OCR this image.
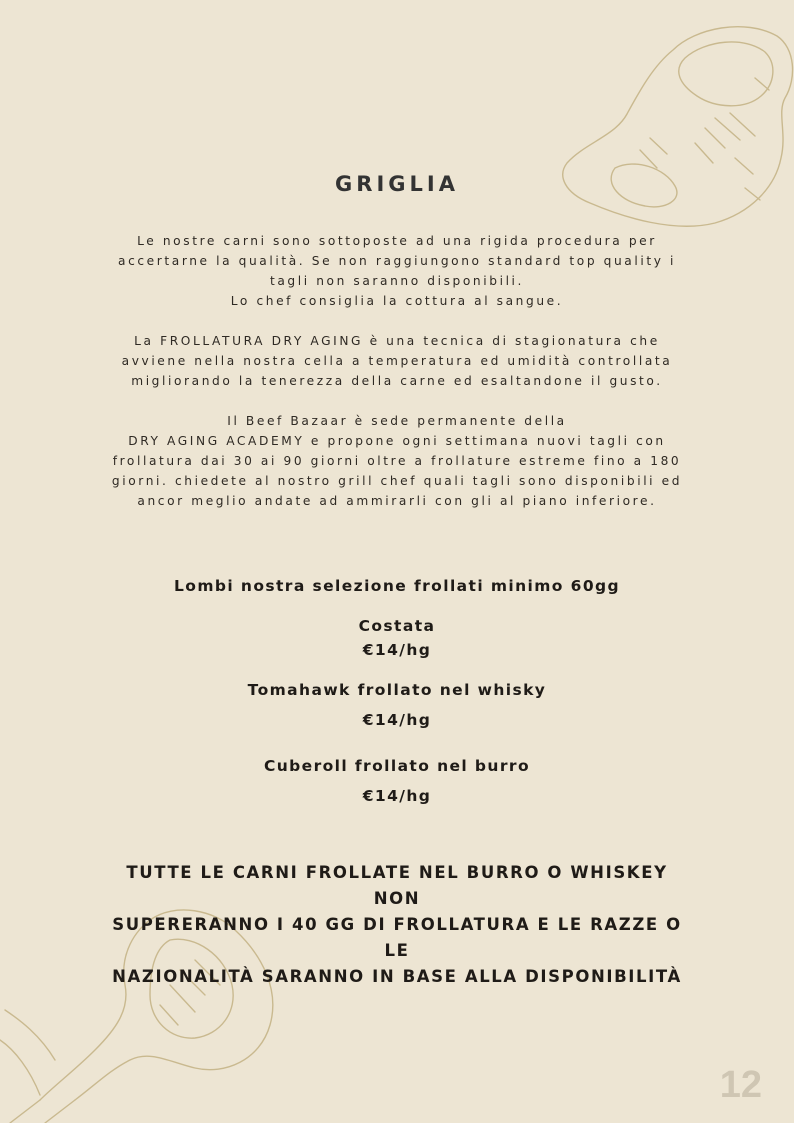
GRIGLIA

Le nostre carni sono sottoposte ad una rigida procedura per

accertarne la qualità. Se non raggiungono standard top quality i

tagli non saranno disponibili.

Lo chef consiglia la cottura al sangue.

La FROLLATURA DRY AGING è una tecnica di stagionatura che

avviene nella nostra cella a temperatura ed umidità controllata

migliorando la tenerezza della carne ed esaltandone il gusto.

Il Beef Bazaar è sede permanente della

DRY AGING ACADEMY e propone ogni settimana nuovi tagli con

frollatura dai 30 ai 90 giorni oltre a frollature estreme fino a 180

giorni. chiedete al nostro grill chef quali tagli sono disponibili ed

ancor meglio andate ad ammirarli con gli al piano inferiore.

Lombi nostra selezione frollati minimo 60gg
Costata
€14/hg
Tomahawk frollato nel whisky
€14/hg
Cuberoll frollato nel burro
€14/hg
TUTTE LE CARNI FROLLATE NEL BURRO O WHISKEY NON
SUPERERANNO I 40 GG DI FROLLATURA E LE RAZZE O LE
NAZIONALITÀ SARANNO IN BASE ALLA DISPONIBILITÀ
12
